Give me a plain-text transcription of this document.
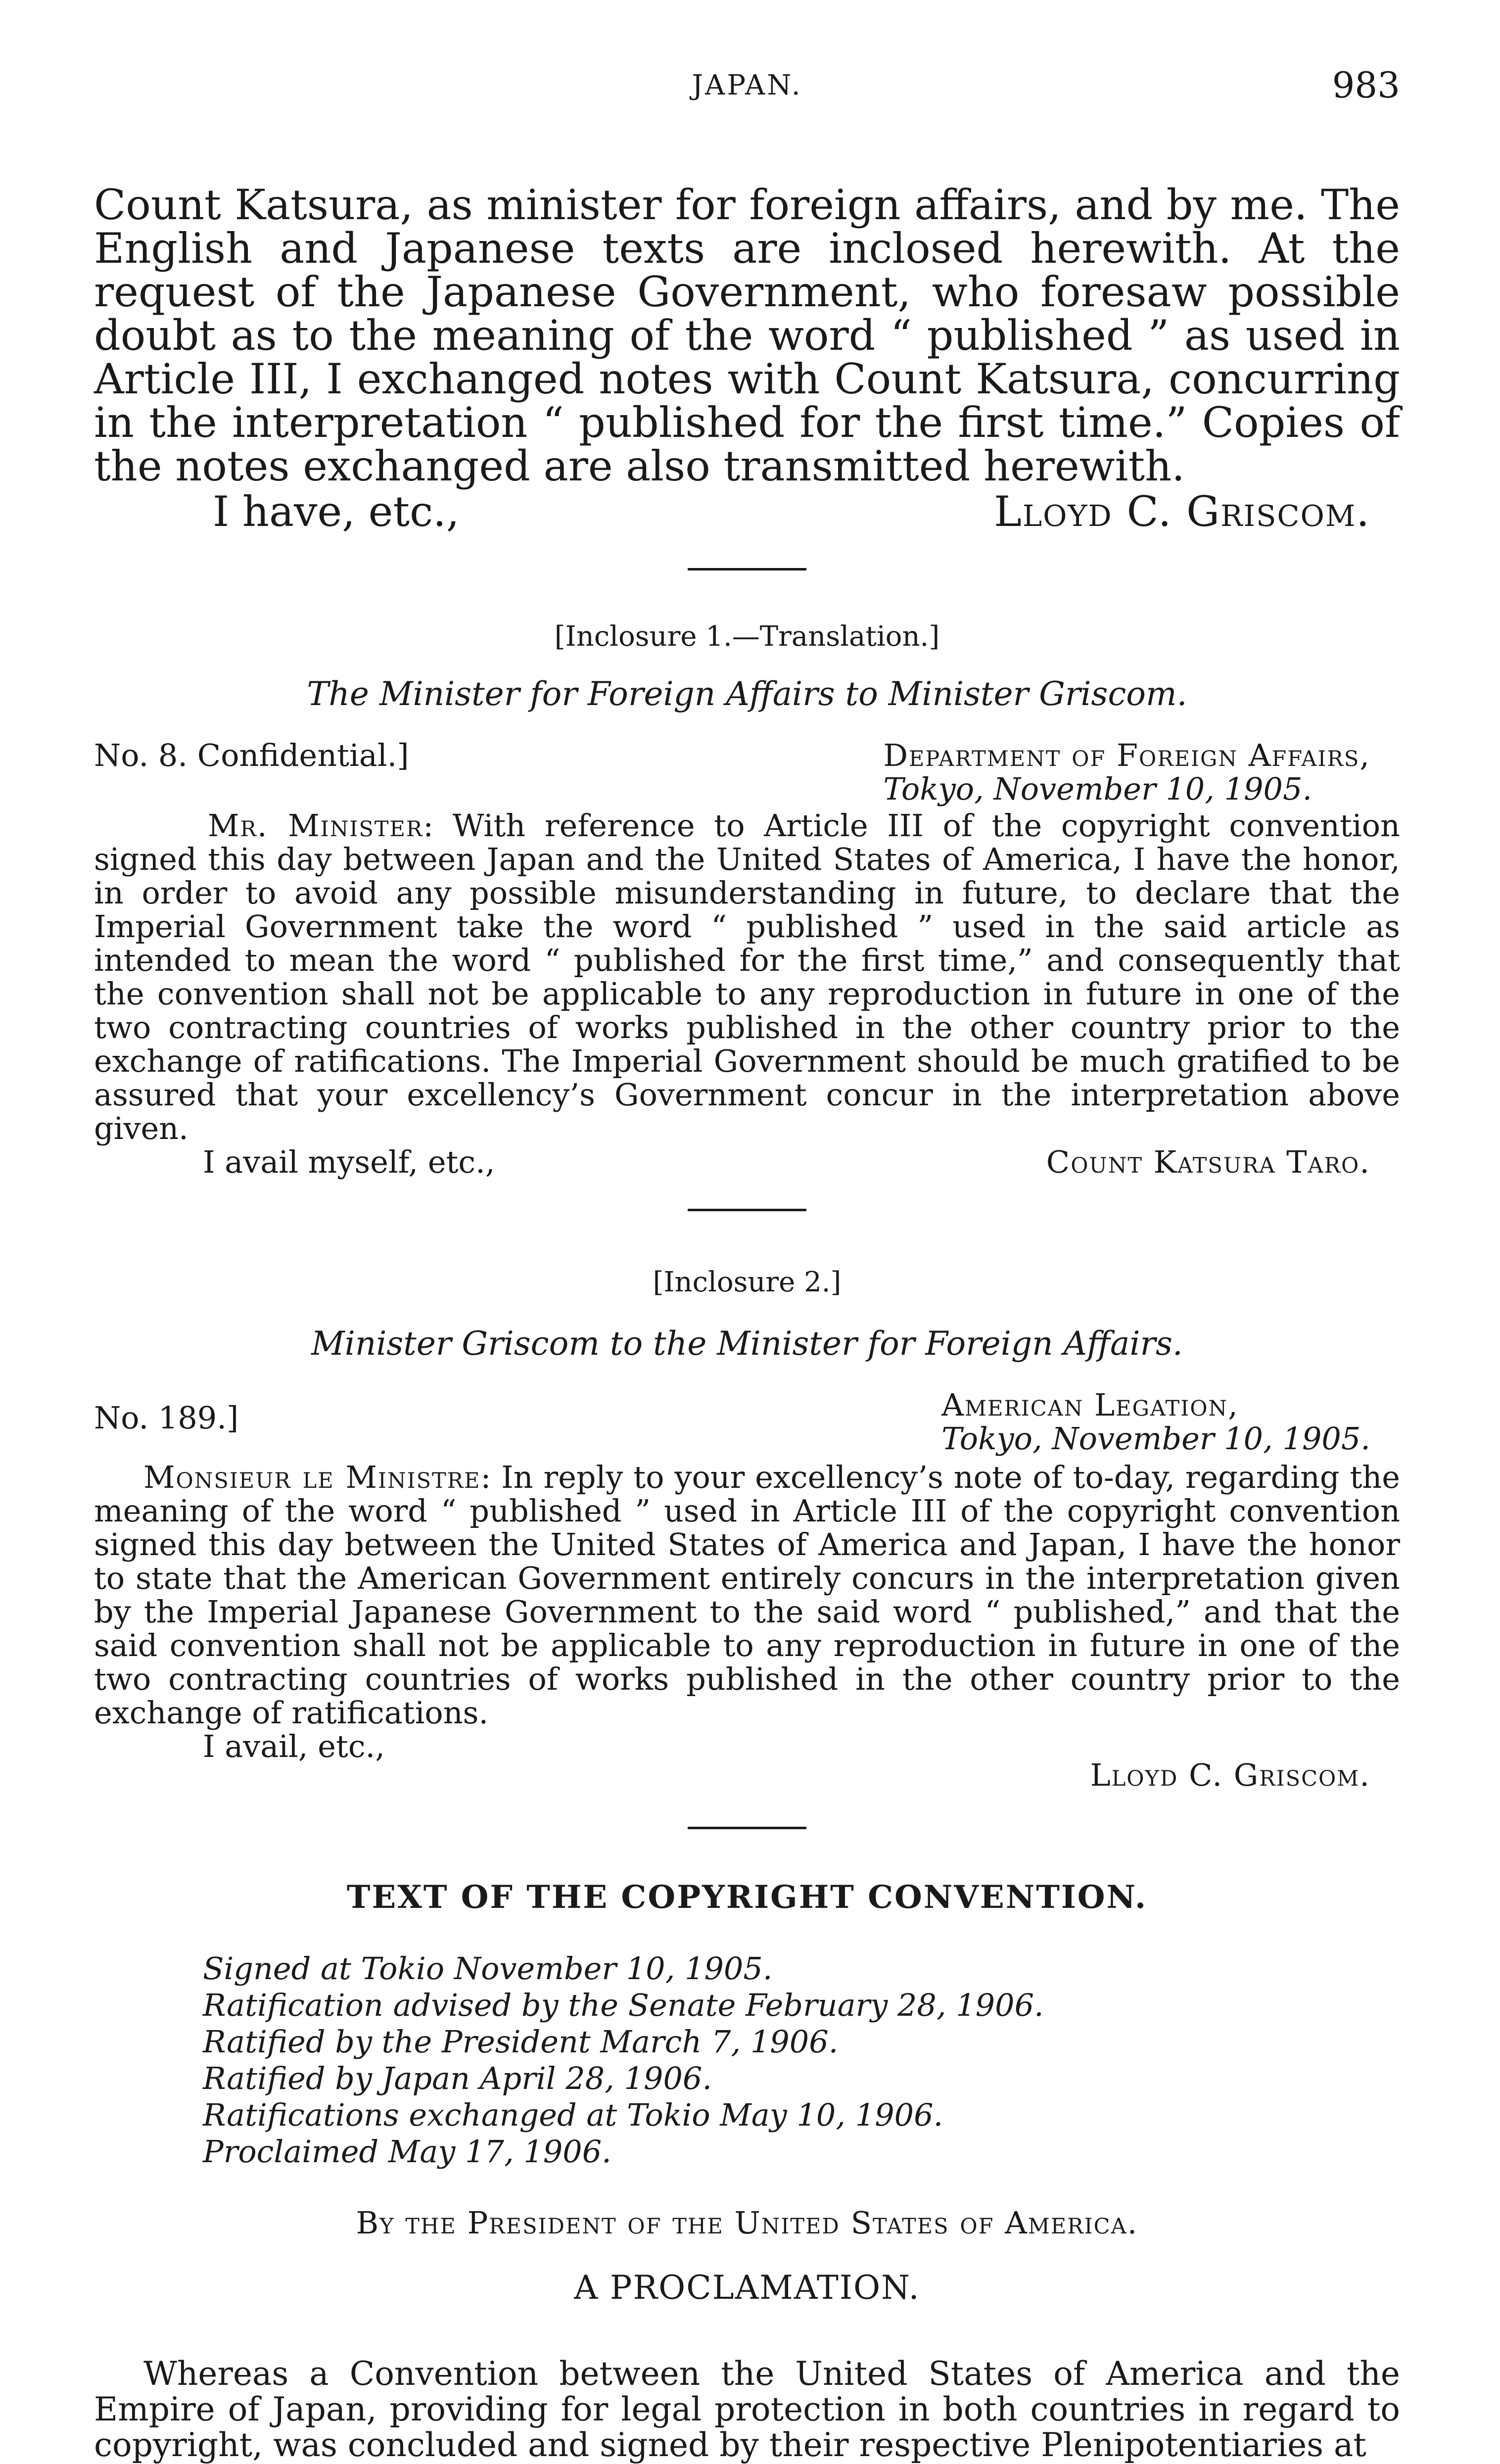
JAPAN.	983

Count Katsura, as minister for foreign affairs, and by me. The English and Japanese texts are inclosed herewith. At the request of the Japanese Government, who foresaw possible doubt as to the meaning of the word “ published ” as used in Article III, I exchanged notes with Count Katsura, concurring in the interpretation “ published for the first time.” Copies of the notes exchanged are also transmitted herewith.

I have, etc.,	Lloyd C. Griscom.

[Inclosure 1.—Translation.]

The Minister for Foreign Affairs to Minister Griscom.

No. 8. Confidential.]	Department of Foreign Affairs,

Tokyo, November 10, 1905.

Mr. Minister: With reference to Article III of the copyright convention signed this day between Japan and the United States of America, I have the honor, in order to avoid any possible misunderstanding in future, to declare that the Imperial Government take the word “ published ” used in the said article as intended to mean the word “ published for the first time,” and consequently that the convention shall not be applicable to any reproduction in future in one of the two contracting countries of works published in the other country prior to the exchange of ratifications. The Imperial Government should be much gratified to be assured that your excellency’s Government concur in the interpretation above given.

I avail myself, etc.,	Count Katsura Taro.

[Inclosure 2.]

Minister Griscom to the Minister for Foreign Affairs.

No. 189.]	American Legation,

Tokyo, November 10, 1905.

Monsieur le Ministre: In reply to your excellency’s note of to-day, regarding the meaning of the word “ published ” used in Article III of the copyright convention signed this day between the United States of America and Japan, I have the honor to state that the American Government entirely concurs in the interpretation given by the Imperial Japanese Government to the said word “ published,” and that the said convention shall not be applicable to any reproduction in future in one of the two contracting countries of works published in the other country prior to the exchange of ratifications.

I avail, etc.,

Lloyd C. Griscom.

TEXT OF THE COPYRIGHT CONVENTION.

Signed at Tokio November 10, 1905.

Ratification advised by the Senate February 28, 1906.

Ratified by the President March 7, 1906.

Ratified by Japan April 28, 1906.

Ratifications exchanged at Tokio May 10, 1906.

Proclaimed May 17, 1906.

By the President of the United States of America.

A PROCLAMATION.

Whereas a Convention between the United States of America and the Empire of Japan, providing for legal protection in both countries in regard to copyright, was concluded and signed by their respective Plenipotentiaries at
